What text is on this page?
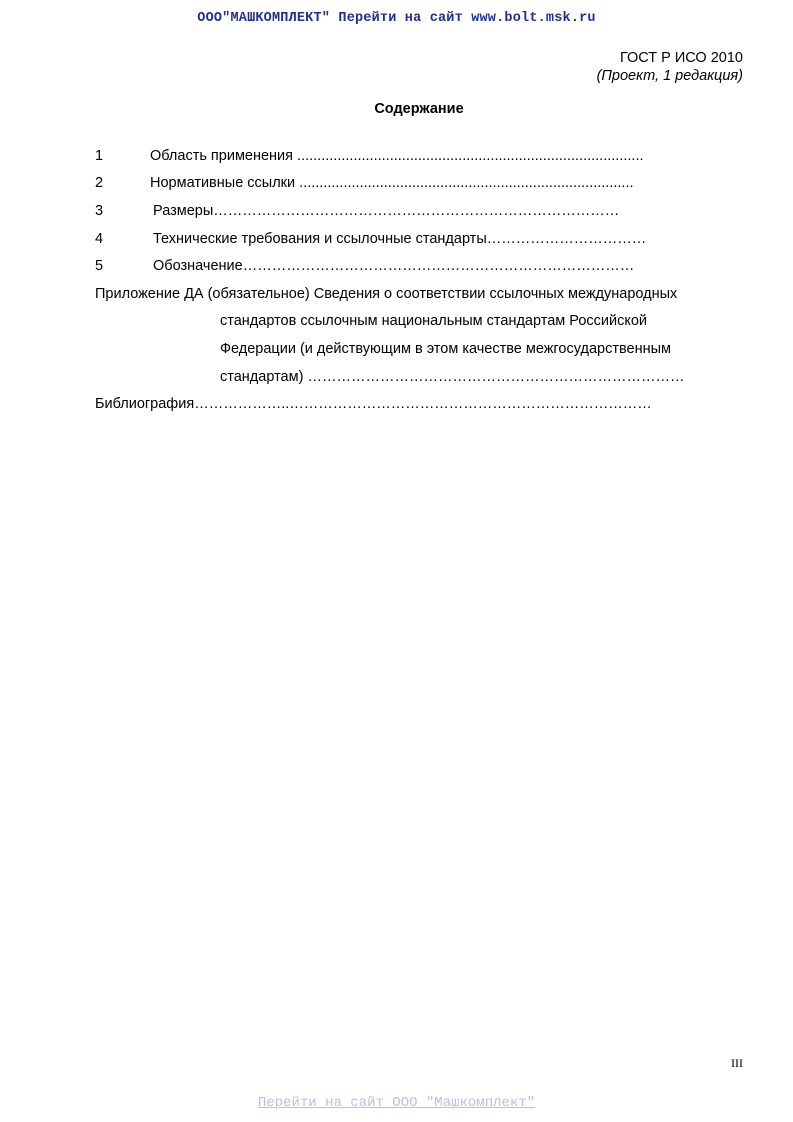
ООО"МАШКОМПЛЕКТ" Перейти на сайт www.bolt.msk.ru
ГОСТ Р ИСО 2010
(Проект, 1 редакция)
Содержание
1	Область применения ......................................................................................
2	Нормативные ссылки ...................................................................................
3	Размеры…………………………………………………………………………
4	Технические требования и ссылочные стандарты……………………………
5	Обозначение………………………………………………………………………
Приложение ДА (обязательное) Сведения о соответствии ссылочных международных
стандартов ссылочным национальным стандартам Российской
Федерации (и действующим в этом качестве межгосударственным
стандартам) ……………………………………………………………………
Библиография………………..…………………………………………………………………
III
Перейти на сайт ООО "Машкомплект"
